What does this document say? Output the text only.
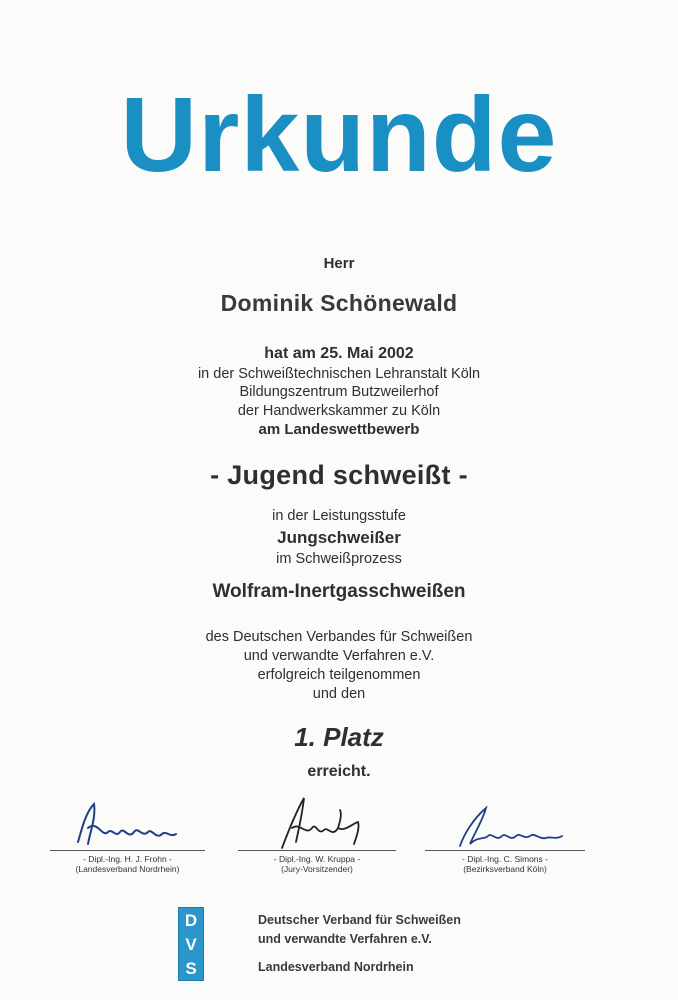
Urkunde
Herr
Dominik Schönewald
hat am 25. Mai 2002
in der Schweißtechnischen Lehranstalt Köln
Bildungszentrum Butzweilerhof
der Handwerkskammer zu Köln
am Landeswettbewerb
- Jugend schweißt -
in der Leistungsstufe
Jungschweißer
im Schweißprozess
Wolfram-Inertgasschweißen
des Deutschen Verbandes für Schweißen
und verwandte Verfahren e.V.
erfolgreich teilgenommen
und den
1. Platz
erreicht.
- Dipl.-Ing. H. J. Frohn -
(Landesverband Nordrhein)
- Dipl.-Ing. W. Kruppa -
(Jury-Vorsitzender)
- Dipl.-Ing. C. Simons -
(Bezirksverband Köln)
D
V
S
Deutscher Verband für Schweißen
und verwandte Verfahren e.V.
Landesverband Nordrhein
